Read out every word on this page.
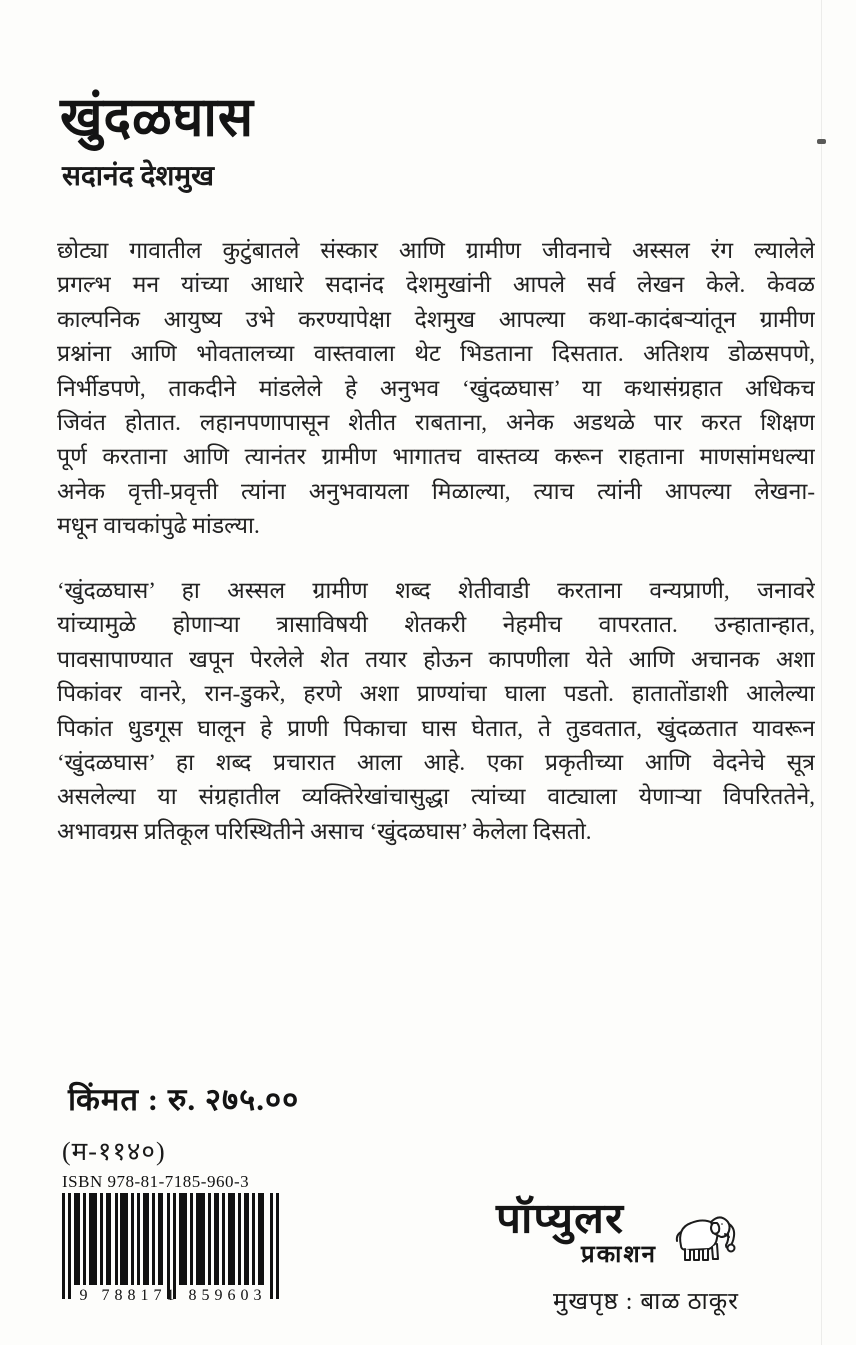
खुंदळघास
सदानंद देशमुख
छोट्या गावातील कुटुंबातले संस्कार आणि ग्रामीण जीवनाचे अस्सल रंग ल्यालेले
प्रगल्भ मन यांच्या आधारे सदानंद देशमुखांनी आपले सर्व लेखन केले. केवळ
काल्पनिक आयुष्य उभे करण्यापेक्षा देशमुख आपल्या कथा-कादंबऱ्यांतून ग्रामीण
प्रश्नांना आणि भोवतालच्या वास्तवाला थेट भिडताना दिसतात. अतिशय डोळसपणे,
निर्भीडपणे, ताकदीने मांडलेले हे अनुभव ‘खुंदळघास’ या कथासंग्रहात अधिकच
जिवंत होतात. लहानपणापासून शेतीत राबताना, अनेक अडथळे पार करत शिक्षण
पूर्ण करताना आणि त्यानंतर ग्रामीण भागातच वास्तव्य करून राहताना माणसांमधल्या
अनेक वृत्ती-प्रवृत्ती त्यांना अनुभवायला मिळाल्या, त्याच त्यांनी आपल्या लेखना-
मधून वाचकांपुढे मांडल्या.
‘खुंदळघास’ हा अस्सल ग्रामीण शब्द शेतीवाडी करताना वन्यप्राणी, जनावरे
यांच्यामुळे होणाऱ्या त्रासाविषयी शेतकरी नेहमीच वापरतात. उन्हातान्हात,
पावसापाण्यात खपून पेरलेले शेत तयार होऊन कापणीला येते आणि अचानक अशा
पिकांवर वानरे, रान-डुकरे, हरणे अशा प्राण्यांचा घाला पडतो. हातातोंडाशी आलेल्या
पिकांत धुडगूस घालून हे प्राणी पिकाचा घास घेतात, ते तुडवतात, खुंदळतात यावरून
‘खुंदळघास’ हा शब्द प्रचारात आला आहे. एका प्रकृतीच्या आणि वेदनेचे सूत्र
असलेल्या या संग्रहातील व्यक्तिरेखांचासुद्धा त्यांच्या वाट्याला येणाऱ्या विपरिततेने,
अभावग्रस प्रतिकूल परिस्थितीने असाच ‘खुंदळघास’ केलेला दिसतो.
किंमत : रु. २७५.००
(म-११४०)
ISBN 978-81-7185-960-3
9 788171 859603
पॉप्युलर
प्रकाशन
मुखपृष्ठ : बाळ ठाकूर
